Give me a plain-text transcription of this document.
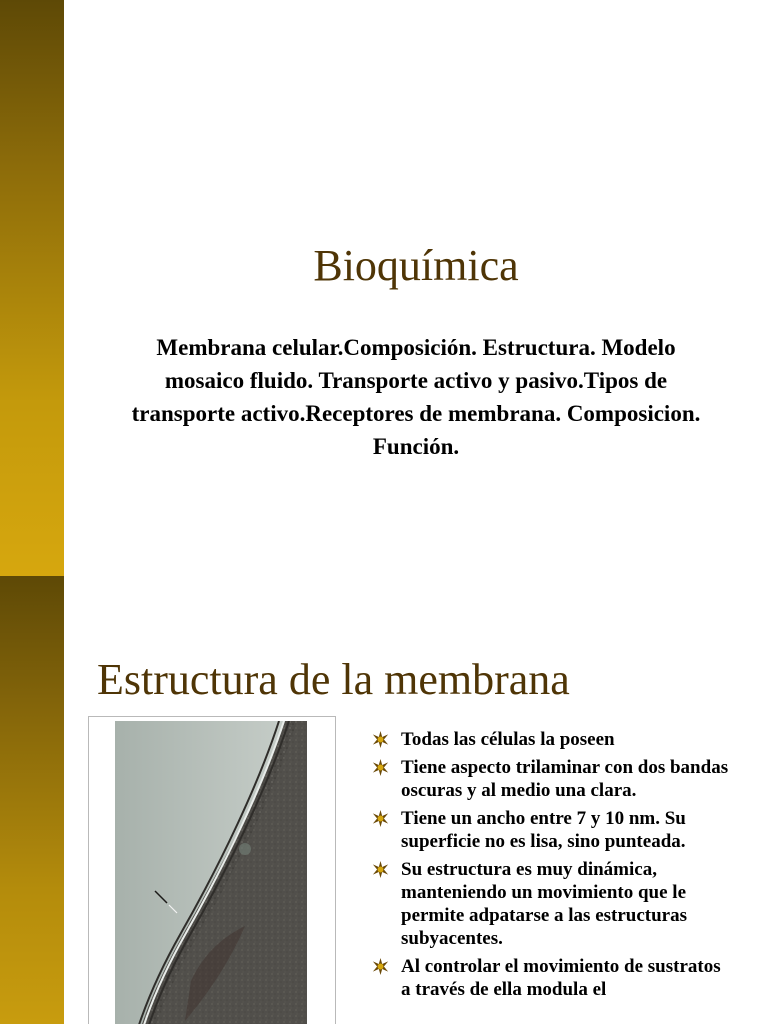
Bioquímica
Membrana celular.Composición. Estructura. Modelo mosaico fluido. Transporte activo y pasivo.Tipos de transporte activo.Receptores de membrana. Composicion. Función.
Estructura de la membrana
Todas las células la poseen
Tiene aspecto trilaminar con dos bandas oscuras y al medio una clara.
Tiene un ancho entre 7 y 10 nm. Su superficie no es lisa, sino punteada.
Su estructura es muy dinámica, manteniendo un movimiento que le permite adpatarse a las estructuras subyacentes.
Al controlar el movimiento de sustratos a través de ella modula el
